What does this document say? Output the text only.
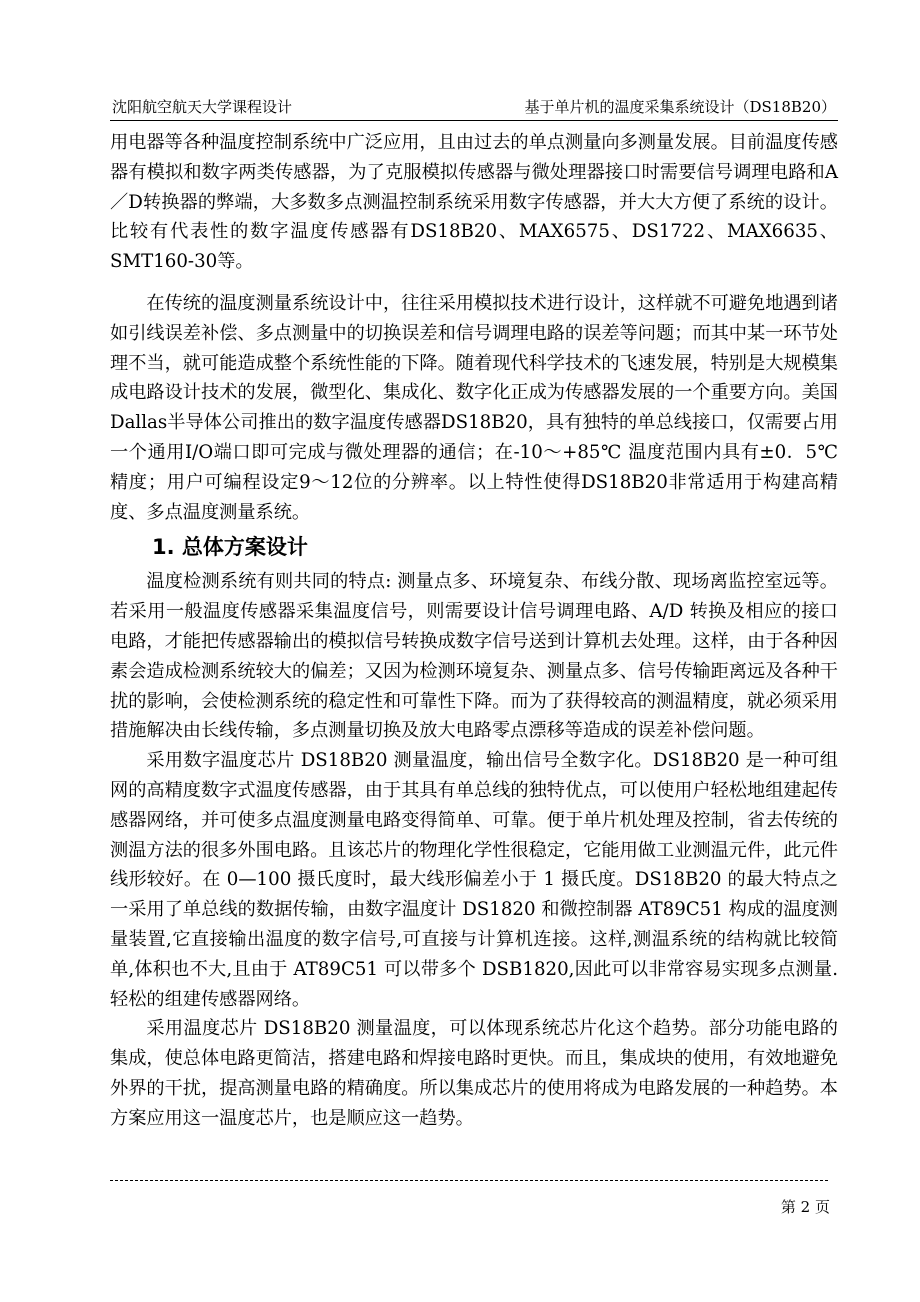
沈阳航空航天大学课程设计	基于单片机的温度采集系统设计（DS18B20）

用电器等各种温度控制系统中广泛应用，且由过去的单点测量向多测量发展。目前温度传感器有模拟和数字两类传感器，为了克服模拟传感器与微处理器接口时需要信号调理电路和A／D转换器的弊端，大多数多点测温控制系统采用数字传感器，并大大方便了系统的设计。比较有代表性的数字温度传感器有DS18B20、MAX6575、DS1722、MAX6635、SMT160-30等。

在传统的温度测量系统设计中，往往采用模拟技术进行设计，这样就不可避免地遇到诸如引线误差补偿、多点测量中的切换误差和信号调理电路的误差等问题；而其中某一环节处理不当，就可能造成整个系统性能的下降。随着现代科学技术的飞速发展，特别是大规模集成电路设计技术的发展，微型化、集成化、数字化正成为传感器发展的一个重要方向。美国Dallas半导体公司推出的数字温度传感器DS18B20，具有独特的单总线接口，仅需要占用一个通用I/O端口即可完成与微处理器的通信；在-10～+85℃ 温度范围内具有±0．5℃ 精度；用户可编程设定9～12位的分辨率。以上特性使得DS18B20非常适用于构建高精度、多点温度测量系统。

1. 总体方案设计

温度检测系统有则共同的特点: 测量点多、环境复杂、布线分散、现场离监控室远等。若采用一般温度传感器采集温度信号，则需要设计信号调理电路、A/D 转换及相应的接口电路，才能把传感器输出的模拟信号转换成数字信号送到计算机去处理。这样，由于各种因素会造成检测系统较大的偏差；又因为检测环境复杂、测量点多、信号传输距离远及各种干扰的影响，会使检测系统的稳定性和可靠性下降。而为了获得较高的测温精度，就必须采用措施解决由长线传输，多点测量切换及放大电路零点漂移等造成的误差补偿问题。

采用数字温度芯片 DS18B20 测量温度，输出信号全数字化。DS18B20 是一种可组网的高精度数字式温度传感器，由于其具有单总线的独特优点，可以使用户轻松地组建起传感器网络，并可使多点温度测量电路变得简单、可靠。便于单片机处理及控制，省去传统的测温方法的很多外围电路。且该芯片的物理化学性很稳定，它能用做工业测温元件，此元件线形较好。在 0—100 摄氏度时，最大线形偏差小于 1 摄氏度。DS18B20 的最大特点之一采用了单总线的数据传输，由数字温度计 DS1820 和微控制器 AT89C51 构成的温度测量装置,它直接输出温度的数字信号,可直接与计算机连接。这样,测温系统的结构就比较简单,体积也不大,且由于 AT89C51 可以带多个 DSB1820,因此可以非常容易实现多点测量.轻松的组建传感器网络。

采用温度芯片 DS18B20 测量温度，可以体现系统芯片化这个趋势。部分功能电路的集成，使总体电路更简洁，搭建电路和焊接电路时更快。而且，集成块的使用，有效地避免外界的干扰，提高测量电路的精确度。所以集成芯片的使用将成为电路发展的一种趋势。本方案应用这一温度芯片，也是顺应这一趋势。

第 2 页
